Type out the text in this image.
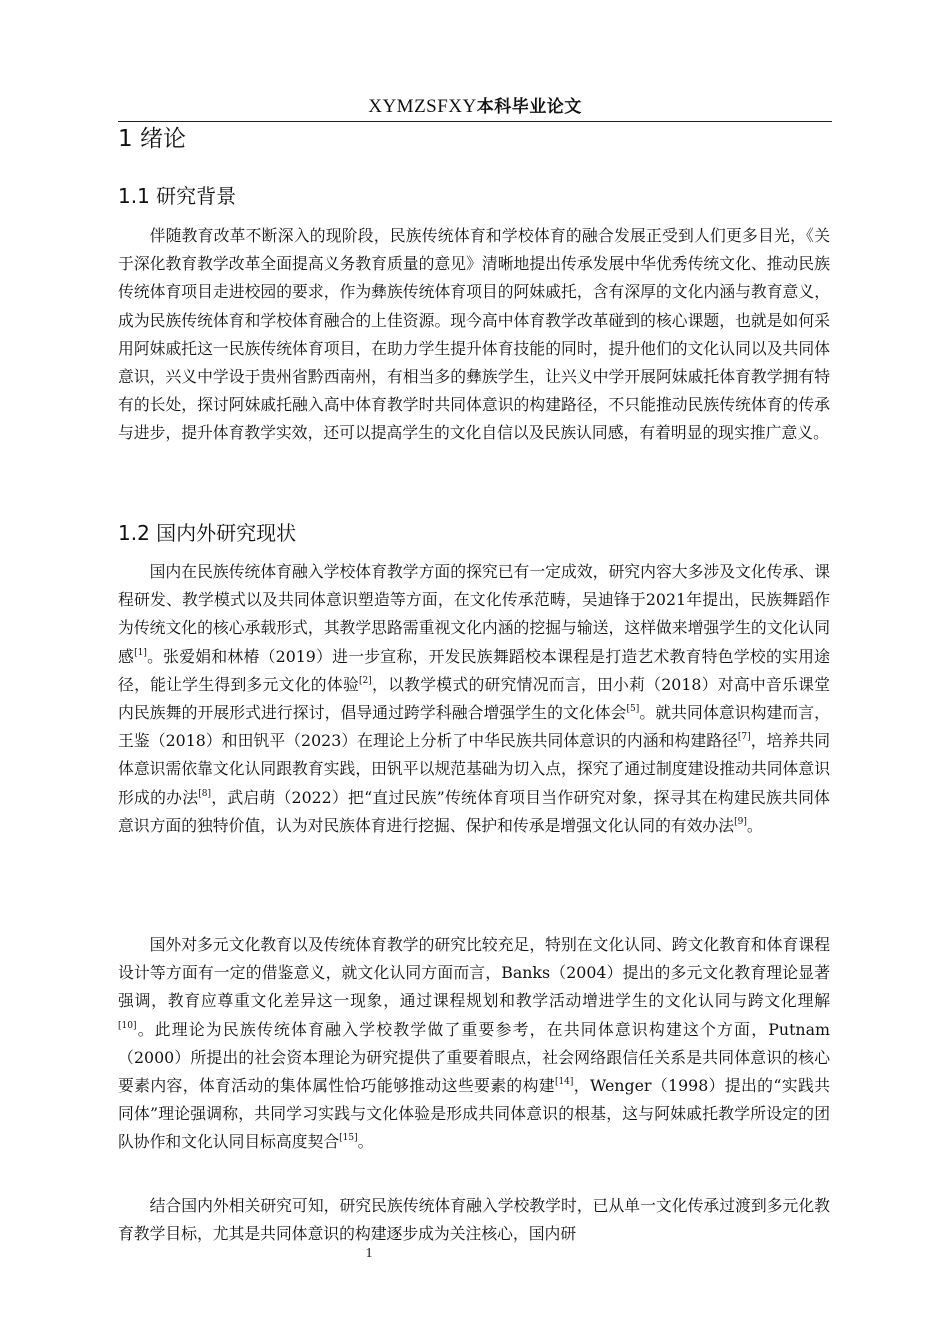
XYMZSFXY本科毕业论文
1 绪论
1.1 研究背景

伴随教育改革不断深入的现阶段，民族传统体育和学校体育的融合发展正受到人们更多目光，《关于深化教育教学改革全面提高义务教育质量的意见》清晰地提出传承发展中华优秀传统文化、推动民族传统体育项目走进校园的要求，作为彝族传统体育项目的阿妹戚托，含有深厚的文化内涵与教育意义，成为民族传统体育和学校体育融合的上佳资源。现今高中体育教学改革碰到的核心课题，也就是如何采用阿妹戚托这一民族传统体育项目，在助力学生提升体育技能的同时，提升他们的文化认同以及共同体意识，兴义中学设于贵州省黔西南州，有相当多的彝族学生，让兴义中学开展阿妹戚托体育教学拥有特有的长处，探讨阿妹戚托融入高中体育教学时共同体意识的构建路径，不只能推动民族传统体育的传承与进步，提升体育教学实效，还可以提高学生的文化自信以及民族认同感，有着明显的现实推广意义。

1.2 国内外研究现状

国内在民族传统体育融入学校体育教学方面的探究已有一定成效，研究内容大多涉及文化传承、课程研发、教学模式以及共同体意识塑造等方面，在文化传承范畴，吴迪锋于2021年提出，民族舞蹈作为传统文化的核心承载形式，其教学思路需重视文化内涵的挖掘与输送，这样做来增强学生的文化认同感[1]。张爱娟和林椿（2019）进一步宣称，开发民族舞蹈校本课程是打造艺术教育特色学校的实用途径，能让学生得到多元文化的体验[2]，以教学模式的研究情况而言，田小莉（2018）对高中音乐课堂内民族舞的开展形式进行探讨，倡导通过跨学科融合增强学生的文化体会[5]。就共同体意识构建而言，王鉴（2018）和田钒平（2023）在理论上分析了中华民族共同体意识的内涵和构建路径[7]，培养共同体意识需依靠文化认同跟教育实践，田钒平以规范基础为切入点，探究了通过制度建设推动共同体意识形成的办法[8]，武启萌（2022）把“直过民族”传统体育项目当作研究对象，探寻其在构建民族共同体意识方面的独特价值，认为对民族体育进行挖掘、保护和传承是增强文化认同的有效办法[9]。

国外对多元文化教育以及传统体育教学的研究比较充足，特别在文化认同、跨文化教育和体育课程设计等方面有一定的借鉴意义，就文化认同方面而言，Banks（2004）提出的多元文化教育理论显著强调，教育应尊重文化差异这一现象，通过课程规划和教学活动增进学生的文化认同与跨文化理解[10]。此理论为民族传统体育融入学校教学做了重要参考，在共同体意识构建这个方面，Putnam（2000）所提出的社会资本理论为研究提供了重要着眼点，社会网络跟信任关系是共同体意识的核心要素内容，体育活动的集体属性恰巧能够推动这些要素的构建[14]，Wenger（1998）提出的“实践共同体”理论强调称，共同学习实践与文化体验是形成共同体意识的根基，这与阿妹戚托教学所设定的团队协作和文化认同目标高度契合[15]。

结合国内外相关研究可知，研究民族传统体育融入学校教学时，已从单一文化传承过渡到多元化教育教学目标，尤其是共同体意识的构建逐步成为关注核心，国内研

1
